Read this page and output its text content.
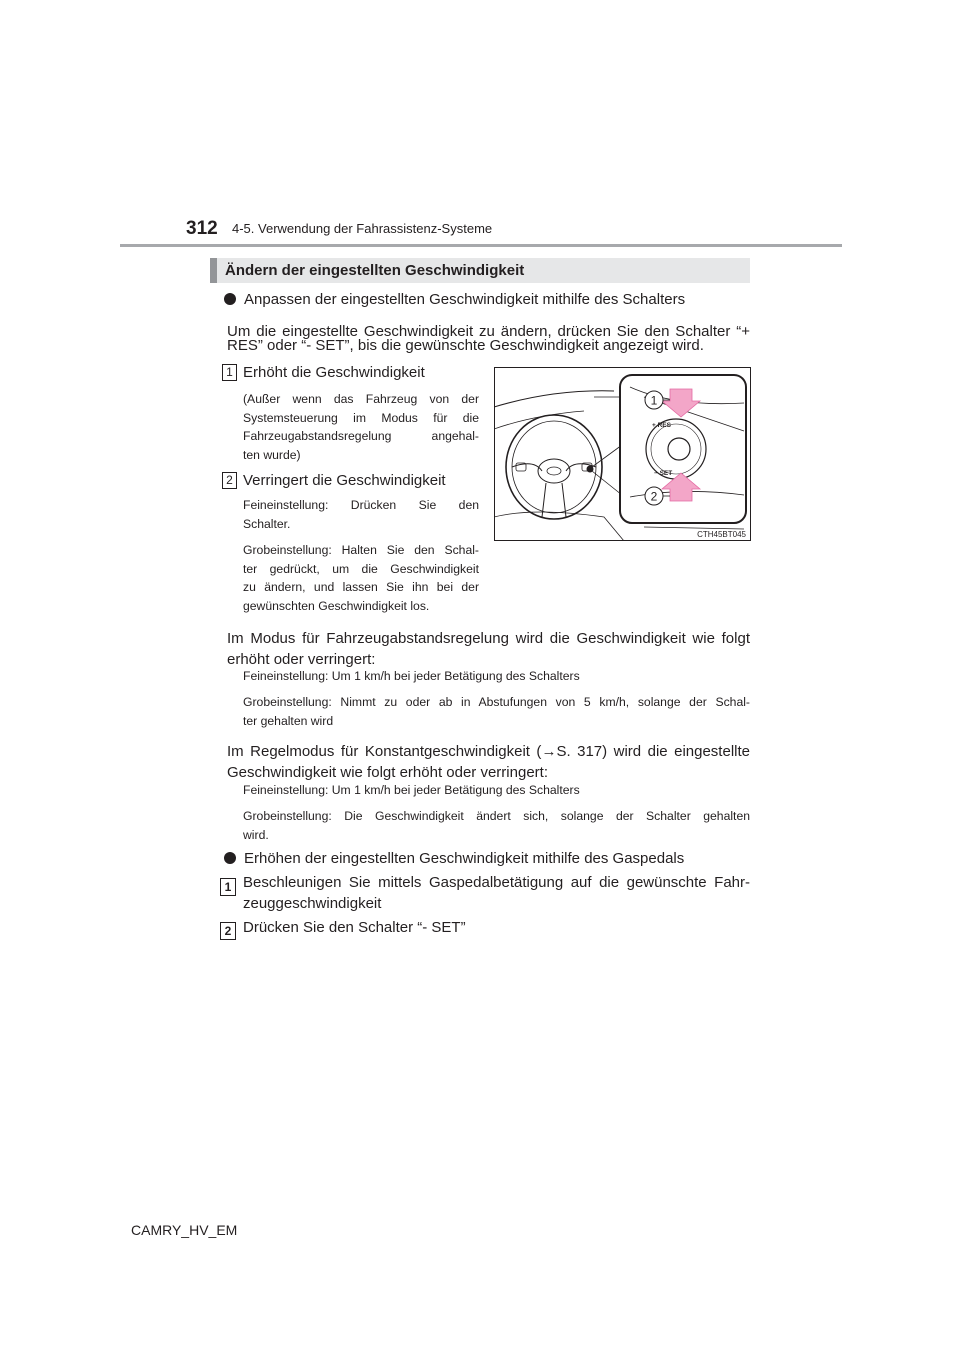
312 4-5. Verwendung der Fahrassistenz-Systeme
Ändern der eingestellten Geschwindigkeit
Anpassen der eingestellten Geschwindigkeit mithilfe des Schalters
Um die eingestellte Geschwindigkeit zu ändern, drücken Sie den Schalter “+
RES” oder “- SET”, bis die gewünschte Geschwindigkeit angezeigt wird.
1 Erhöht die Geschwindigkeit
(Außer wenn das Fahrzeug von der
Systemsteuerung im Modus für die
Fahrzeugabstandsregelung angehal-
ten wurde)
2 Verringert die Geschwindigkeit
Feineinstellung: Drücken Sie den
Schalter.
Grobeinstellung: Halten Sie den Schal-
ter gedrückt, um die Geschwindigkeit
zu ändern, und lassen Sie ihn bei der
gewünschten Geschwindigkeit los.
+ RES
− SET
1
2
CTH45BT045
Im Modus für Fahrzeugabstandsregelung wird die Geschwindigkeit wie folgt
erhöht oder verringert:
Feineinstellung: Um 1 km/h bei jeder Betätigung des Schalters
Grobeinstellung: Nimmt zu oder ab in Abstufungen von 5 km/h, solange der Schal-
ter gehalten wird
Im Regelmodus für Konstantgeschwindigkeit (→S. 317) wird die eingestellte
Geschwindigkeit wie folgt erhöht oder verringert:
Feineinstellung: Um 1 km/h bei jeder Betätigung des Schalters
Grobeinstellung: Die Geschwindigkeit ändert sich, solange der Schalter gehalten
wird.
Erhöhen der eingestellten Geschwindigkeit mithilfe des Gaspedals
1 Beschleunigen Sie mittels Gaspedalbetätigung auf die gewünschte Fahr-
zeuggeschwindigkeit
2 Drücken Sie den Schalter “- SET”
CAMRY_HV_EM
